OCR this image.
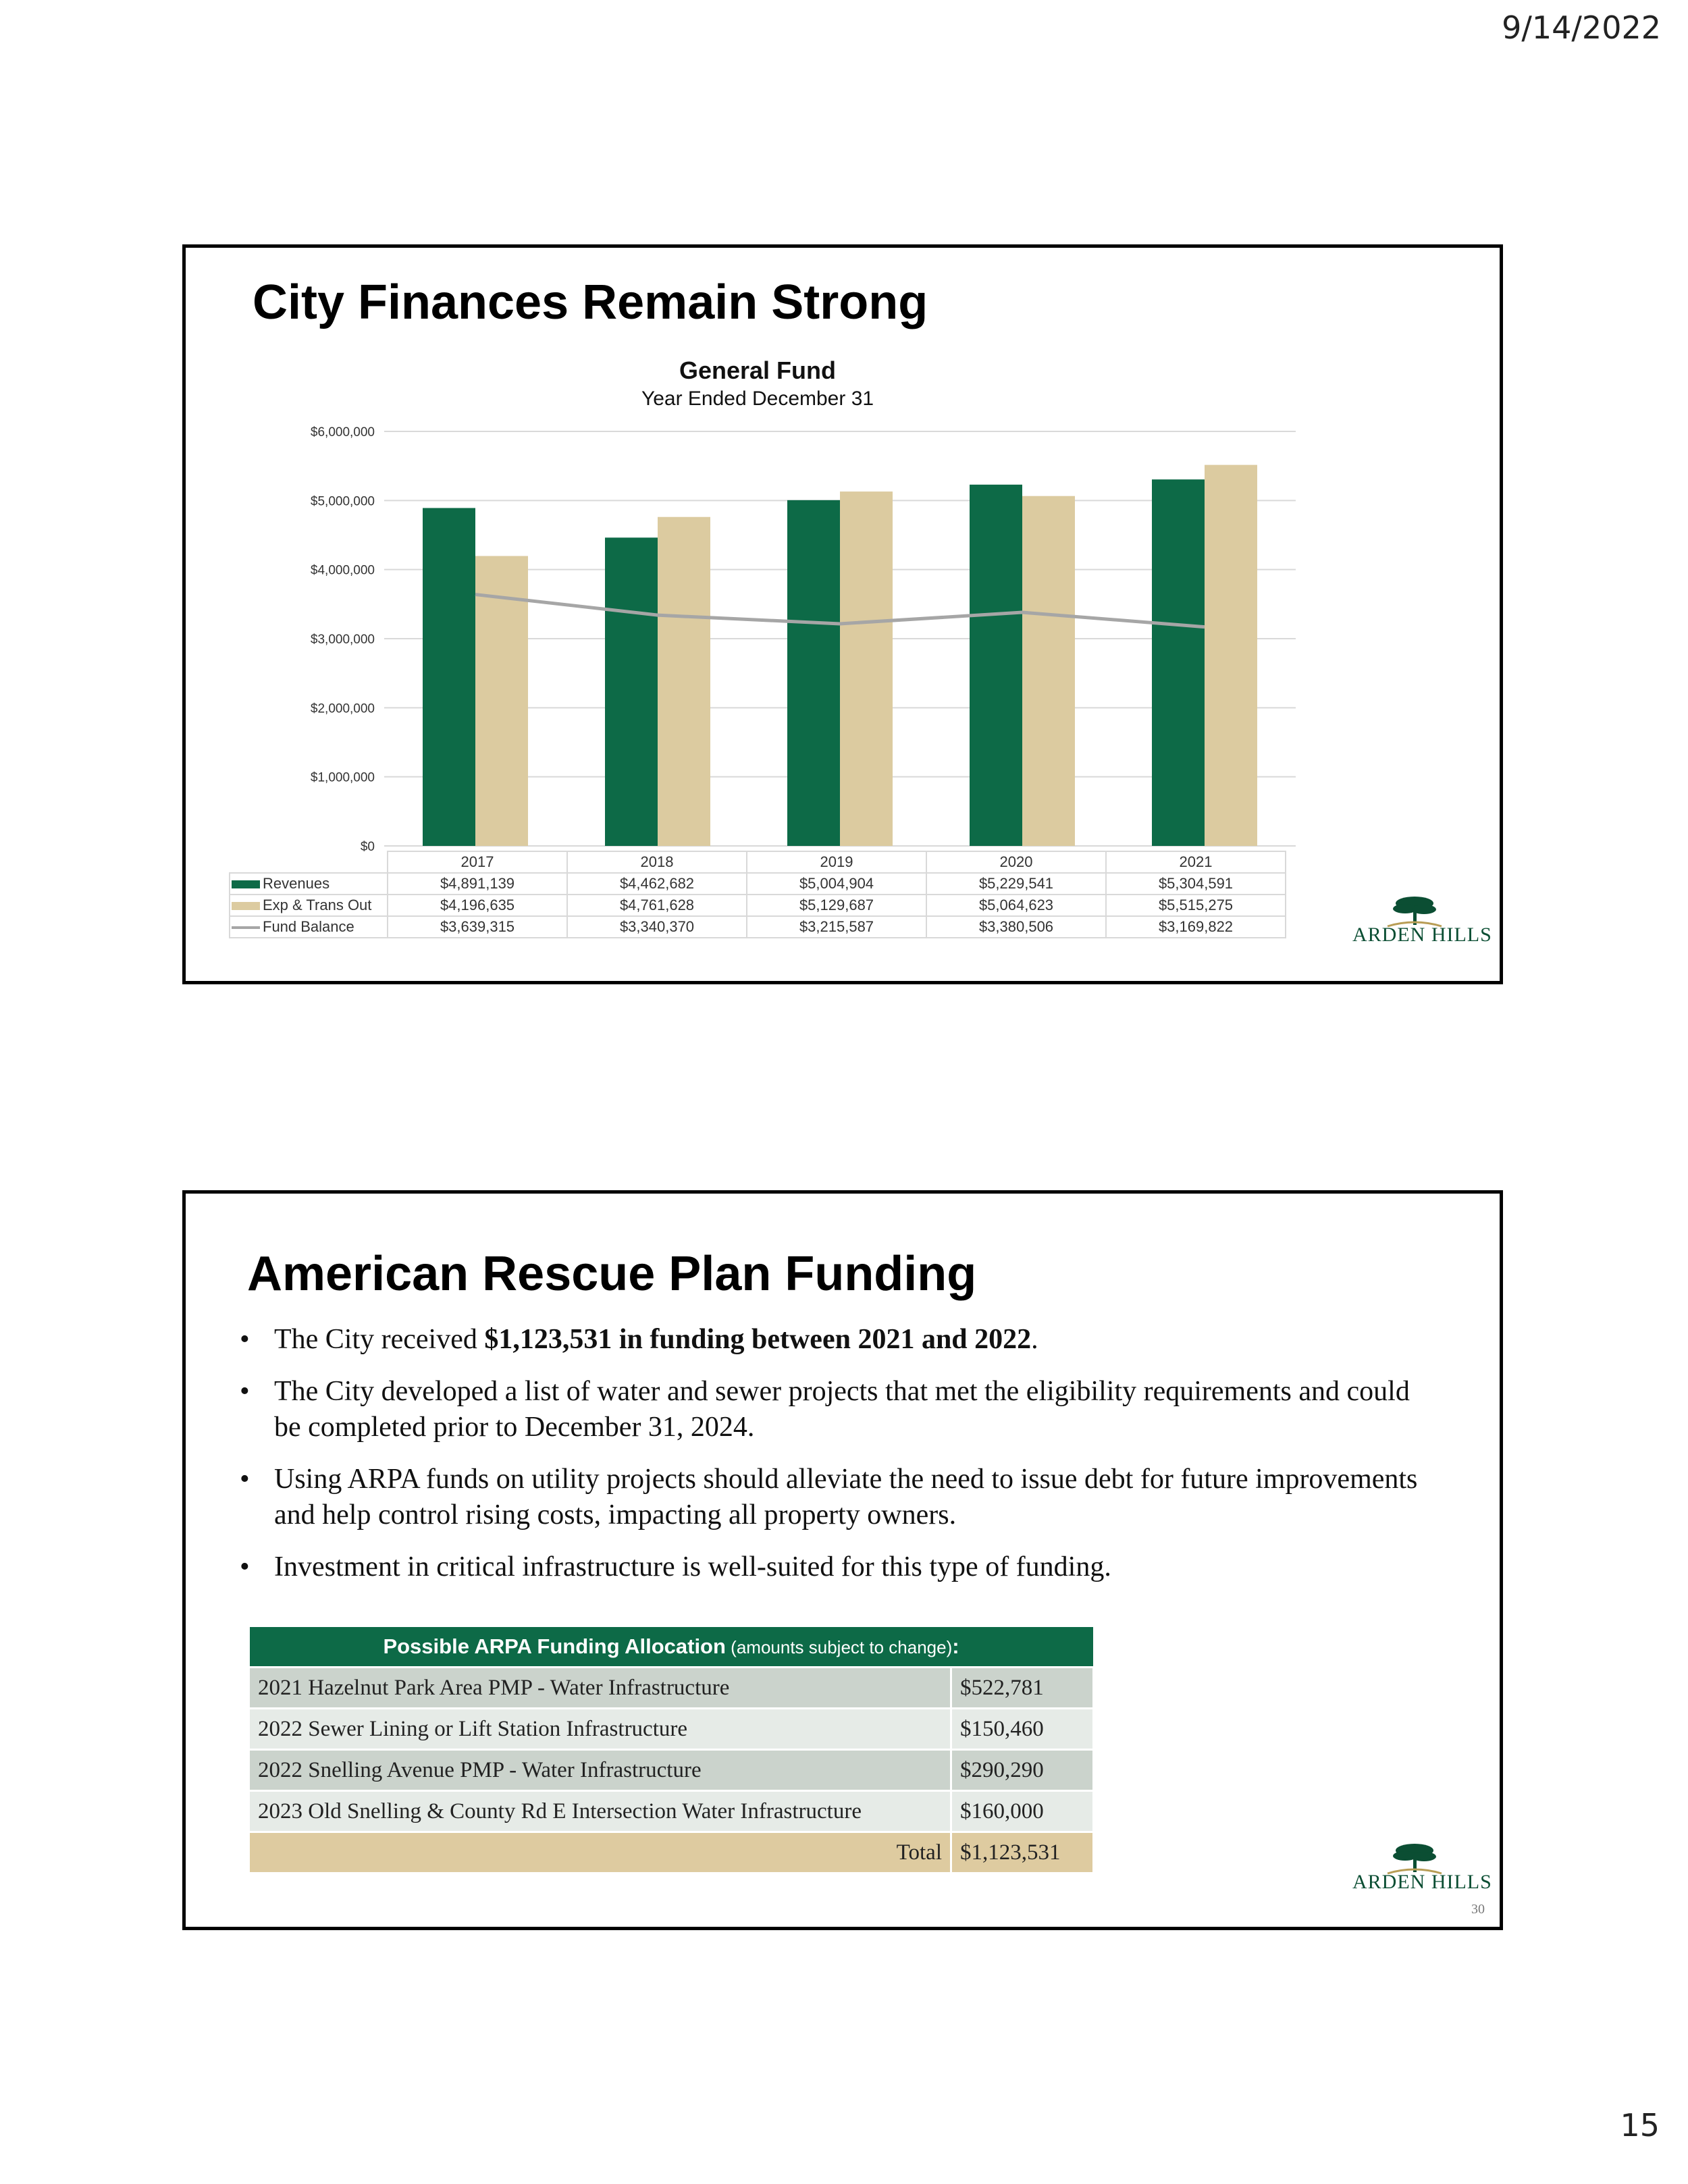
9/14/2022
City Finances Remain Strong
General Fund
Year Ended December 31
$6,000,000
$5,000,000
$4,000,000
$3,000,000
$2,000,000
$1,000,000
$0
	2017	2018	2019	2020	2021
Revenues	$4,891,139	$4,462,682	$5,004,904	$5,229,541	$5,304,591
Exp & Trans Out	$4,196,635	$4,761,628	$5,129,687	$5,064,623	$5,515,275
Fund Balance	$3,639,315	$3,340,370	$3,215,587	$3,380,506	$3,169,822	ARDEN HILLS
American Rescue Plan Funding
• The City received $1,123,531 in funding between 2021 and 2022.
• The City developed a list of water and sewer projects that met the eligibility requirements and could be completed prior to December 31, 2024.
• Using ARPA funds on utility projects should alleviate the need to issue debt for future improvements and help control rising costs, impacting all property owners.
• Investment in critical infrastructure is well-suited for this type of funding.
Possible ARPA Funding Allocation (amounts subject to change):	
2021 Hazelnut Park Area PMP - Water Infrastructure	$522,781
2022 Sewer Lining or Lift Station Infrastructure	$150,460
2022 Snelling Avenue PMP - Water Infrastructure	$290,290
2023 Old Snelling & County Rd E Intersection Water Infrastructure	$160,000
Total	$1,123,531
ARDEN HILLS
30
15
